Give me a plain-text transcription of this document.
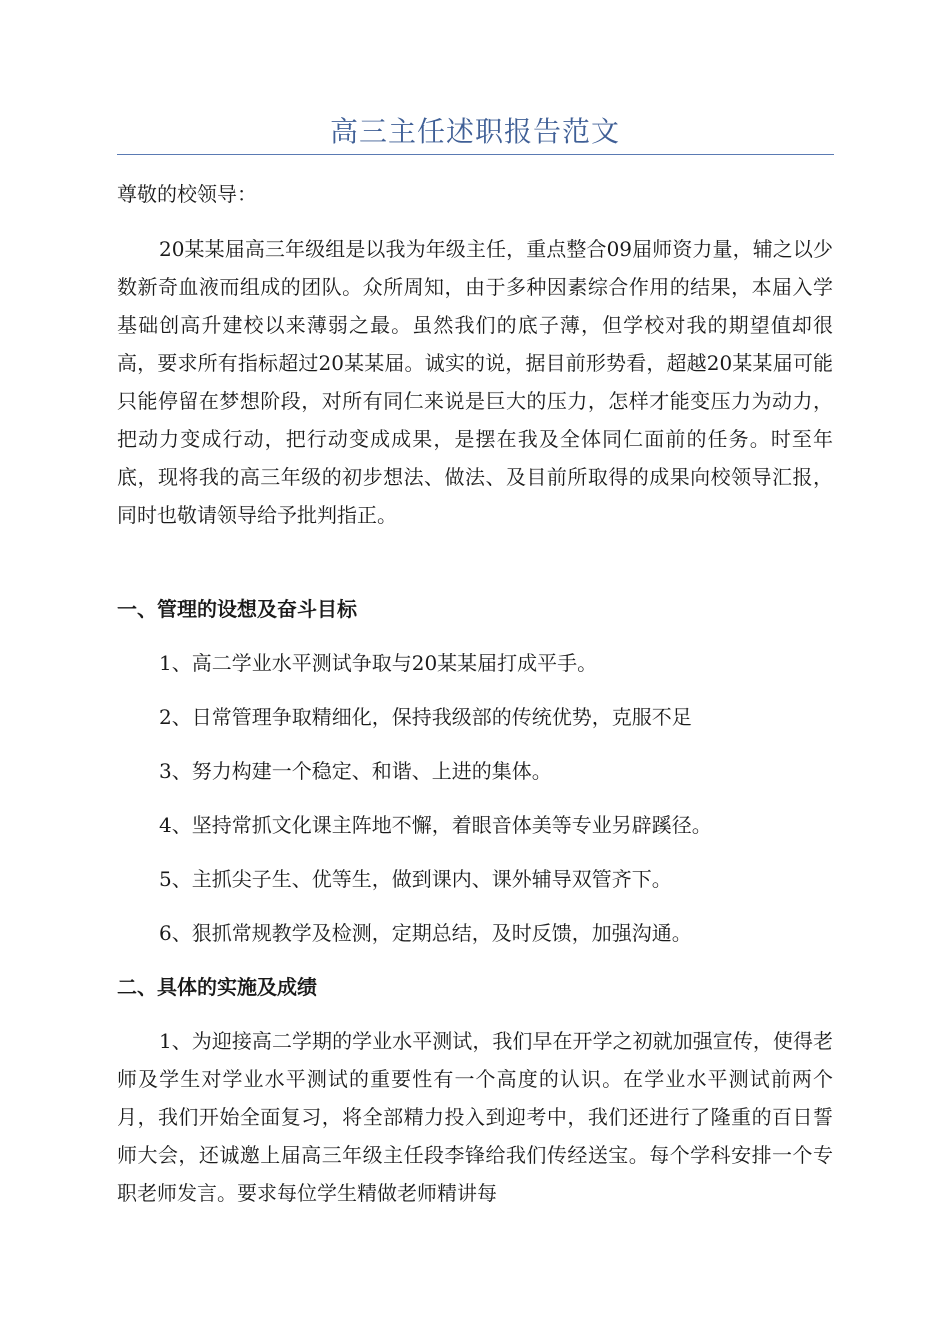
高三主任述职报告范文

尊敬的校领导：

20某某届高三年级组是以我为年级主任，重点整合09届师资力量，辅之以少数新奇血液而组成的团队。众所周知，由于多种因素综合作用的结果，本届入学基础创高升建校以来薄弱之最。虽然我们的底子薄，但学校对我的期望值却很高，要求所有指标超过20某某届。诚实的说，据目前形势看，超越20某某届可能只能停留在梦想阶段，对所有同仁来说是巨大的压力，怎样才能变压力为动力，把动力变成行动，把行动变成成果，是摆在我及全体同仁面前的任务。时至年底，现将我的高三年级的初步想法、做法、及目前所取得的成果向校领导汇报，同时也敬请领导给予批判指正。

一、管理的设想及奋斗目标

1、高二学业水平测试争取与20某某届打成平手。

2、日常管理争取精细化，保持我级部的传统优势，克服不足

3、努力构建一个稳定、和谐、上进的集体。

4、坚持常抓文化课主阵地不懈，着眼音体美等专业另辟蹊径。

5、主抓尖子生、优等生，做到课内、课外辅导双管齐下。

6、狠抓常规教学及检测，定期总结，及时反馈，加强沟通。

二、具体的实施及成绩

1、为迎接高二学期的学业水平测试，我们早在开学之初就加强宣传，使得老师及学生对学业水平测试的重要性有一个高度的认识。在学业水平测试前两个月，我们开始全面复习，将全部精力投入到迎考中，我们还进行了隆重的百日誓师大会，还诚邀上届高三年级主任段李锋给我们传经送宝。每个学科安排一个专职老师发言。要求每位学生精做老师精讲每
